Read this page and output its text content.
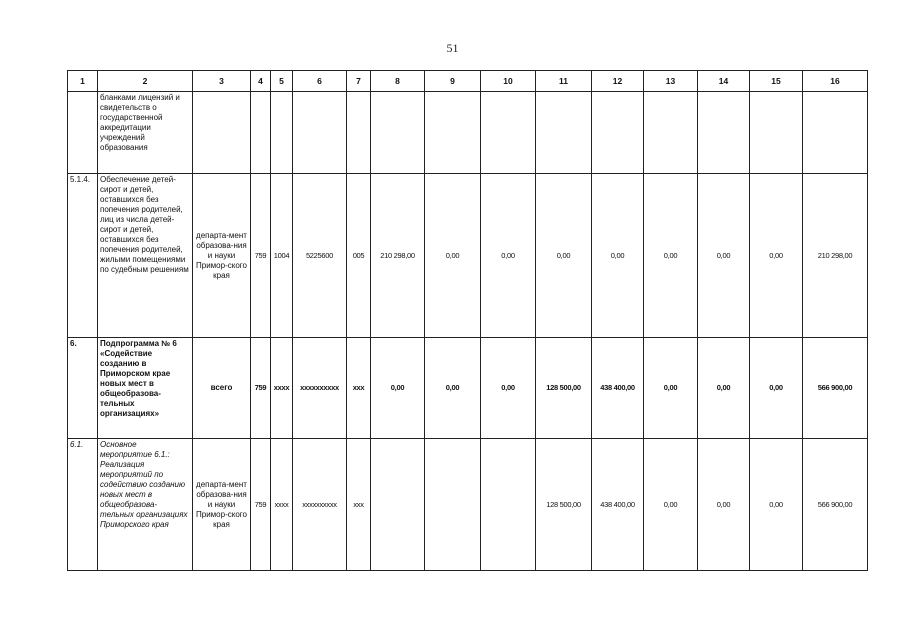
51
1	2	3	4	5	6	7	8	9	10	11	12	13	14	15	16
	бланками лицензий и свидетельств о государственной аккредитации учреждений образования														
5.1.4.	Обеспечение детей-сирот и детей, оставшихся без попечения родителей, лиц из числа детей-сирот и детей, оставшихся без попечения родителей, жилыми помещениями по судебным решениям	департа-мент образова-ния и науки Примор-ского края	759	1004	5225600	005	210 298,00	0,00	0,00	0,00	0,00	0,00	0,00	0,00	210 298,00
6.	Подпрограмма № 6 «Содействие созданию в Приморском крае новых мест в общеобразова-тельных организациях»	всего	759	xxxx	xxxxxxxxxx	xxx	0,00	0,00	0,00	128 500,00	438 400,00	0,00	0,00	0,00	566 900,00
6.1.	Основное мероприятие 6.1.: Реализация мероприятий по содействию созданию новых мест в общеобразова-тельных организациях Приморского края	департа-мент образова-ния и науки Примор-ского края	759	xxxx	xxxxxxxxxx	xxx				128 500,00	438 400,00	0,00	0,00	0,00	566 900,00
